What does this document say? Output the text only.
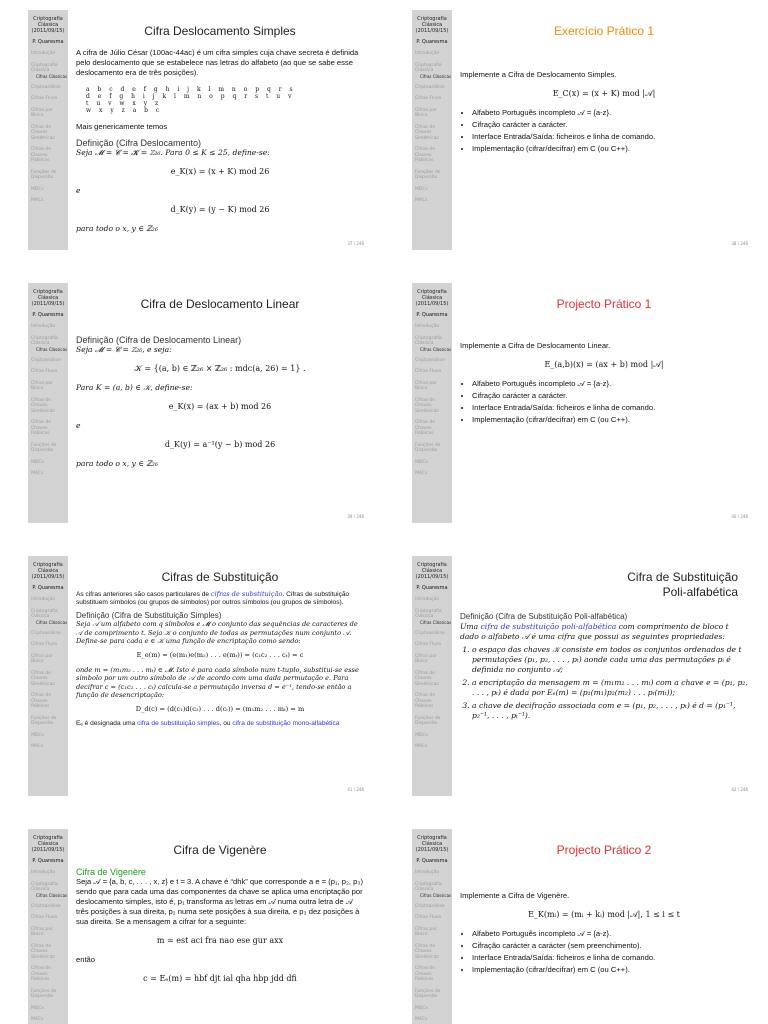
Criptografia
Clássica
(2011/09/15)
P. Quaresma
Introdução
Criptografia Clássica
Cifras Clássicas
Criptoanálise
Cifras Fluxo
Cifras por Bloco
Cifras de Chaves Simétricas
Cifras de Chaves Públicas
Funções de Dispersão
MDCs
MACs
Cifra Deslocamento Simples

A cifra de Júlio César (100ac-44ac) é um cifra simples cuja chave secreta é definida pelo deslocamento que se estabelece nas letras do alfabeto (ao que se sabe esse deslocamento era de três posições).

a b c d e f g h i j k l m n o p q r s
d e f g h i j k l m n o p q r s t u v
t u v w x y z
w x y z a b c

Mais genericamente temos

Definição (Cifra Deslocamento)
Seja 𝓜 = 𝓒 = 𝓚 = ℤ₂₆. Para 0 ≤ K ≤ 25, define-se:
e_K(x) = (x + K) mod 26
e
d_K(y) = (y − K) mod 26
para todo o x, y ∈ ℤ₂₆
37 / 246
Criptografia
Clássica
(2011/09/15)
P. Quaresma
Introdução
Criptografia Clássica
Cifras Clássicas
Criptoanálise
Cifras Fluxo
Cifras por Bloco
Cifras de Chaves Simétricas
Cifras de Chaves Públicas
Funções de Dispersão
MDCs
MACs
Exercício Prático 1

Implemente a Cifra de Deslocamento Simples.

E_C(x) = (x + K) mod |𝒜|
• Alfabeto Português incompleto 𝒜 = {a-z}.
• Cifração carácter a carácter.
• Interface Entrada/Saída: ficheiros e linha de comando.
• Implementação (cifrar/decifrar) em C (ou C++).
38 / 246
Criptografia
Clássica
(2011/09/15)
P. Quaresma
Introdução
Criptografia Clássica
Cifras Clássicas
Criptoanálise
Cifras Fluxo
Cifras por Bloco
Cifras de Chaves Simétricas
Cifras de Chaves Públicas
Funções de Dispersão
MDCs
MACs
Cifra de Deslocamento Linear
Definição (Cifra de Deslocamento Linear)
Seja 𝓜 = 𝓒 = ℤ₂₆, e seja:
𝒦 = {(a, b) ∈ ℤ₂₆ × ℤ₂₆ : mdc(a, 26) = 1} .
Para K = (a, b) ∈ 𝒦, define-se:
e_K(x) = (ax + b) mod 26
e
d_K(y) = a⁻¹(y − b) mod 26
para todo o x, y ∈ ℤ₂₆
39 / 246
Criptografia
Clássica
(2011/09/15)
P. Quaresma
Introdução
Criptografia Clássica
Cifras Clássicas
Criptoanálise
Cifras Fluxo
Cifras por Bloco
Cifras de Chaves Simétricas
Cifras de Chaves Públicas
Funções de Dispersão
MDCs
MACs
Projecto Prático 1

Implemente a Cifra de Deslocamento Linear.

E_(a,b)(x) = (ax + b) mod |𝒜|
• Alfabeto Português incompleto 𝒜 = {a-z}.
• Cifração carácter a carácter.
• Interface Entrada/Saída: ficheiros e linha de comando.
• Implementação (cifrar/decifrar) em C (ou C++).
40 / 246
Criptografia
Clássica
(2011/09/15)
P. Quaresma
Introdução
Criptografia Clássica
Cifras Clássicas
Criptoanálise
Cifras Fluxo
Cifras por Bloco
Cifras de Chaves Simétricas
Cifras de Chaves Públicas
Funções de Dispersão
MDCs
MACs
Cifras de Substituição

As cifras anteriores são casos particulares de cifras de substituição. Cifras de substituição substituem símbolos (ou grupos de símbolos) por outros símbolos (ou grupos de símbolos).

Definição (Cifra de Substituição Simples)
Seja 𝒜 um alfabeto com q símbolos e 𝓜 o conjunto das sequências de caracteres de 𝒜 de comprimento t. Seja 𝒦 o conjunto de todas as permutações num conjunto 𝒜. Define-se para cada e ∈ 𝒦 uma função de encriptação como sendo:
E_e(m) = (e(m₁)e(m₂) . . . e(mₜ)) = (c₁c₂ . . . cₜ) = c
onde m = (m₁m₂ . . . mₜ) ∈ 𝓜. Isto é para cada símbolo num t-tuplo, substitui-se esse símbolo por um outro símbolo de 𝒜 de acordo com uma dada permutação e. Para decifrar c = (c₁c₂ . . . cₜ) calcula-se a permutação inversa d = e⁻¹, tendo-se então a função de desencriptação:
D_d(c) = (d(c₁)d(c₂) . . . d(cₜ)) = (m₁m₂ . . . mₜ) = m
Eₑ é designada uma cifra de substituição simples, ou cifra de substituição mono-alfabética
41 / 246
Criptografia
Clássica
(2011/09/15)
P. Quaresma
Introdução
Criptografia Clássica
Cifras Clássicas
Criptoanálise
Cifras Fluxo
Cifras por Bloco
Cifras de Chaves Simétricas
Cifras de Chaves Públicas
Funções de Dispersão
MDCs
MACs
Cifra de Substituição
Poli-alfabética
Definição (Cifra de Substituição Poli-alfabética)
Uma cifra de substituição poli-alfabética com comprimento de bloco t dado o alfabeto 𝒜 é uma cifra que possui as seguintes propriedades:
1. o espaço das chaves 𝒦 consiste em todos os conjuntos ordenados de t permutações (p₁, p₂, . . . , pₜ) aonde cada uma das permutações pᵢ é definida no conjunto 𝒜;
2. a encriptação da mensagem m = (m₁m₂ . . . mₜ) com a chave e = (p₁, p₂, . . . , pₜ) é dada por Eₑ(m) = (p₁(m₁)p₂(m₂) . . . pₜ(mₜ));
3. a chave de decifração associada com e = (p₁, p₂, . . . , pₜ) é d = (p₁⁻¹, p₂⁻¹, . . . , pₜ⁻¹).
42 / 246
Criptografia
Clássica
(2011/09/15)
P. Quaresma
Introdução
Criptografia Clássica
Cifras Clássicas
Criptoanálise
Cifras Fluxo
Cifras por Bloco
Cifras de Chaves Simétricas
Cifras de Chaves Públicas
Funções de Dispersão
MDCs
MACs
Cifra de Vigenère
Cifra de Vigenère

Seja 𝒜 = {a, b, c, . . . , x, z} e t = 3. A chave é “dhk” que corresponde a e = (p₁, p₂, p₃) sendo que para cada uma das componentes da chave se aplica uma encriptação por deslocamento simples, isto é, p₁ transforma as letras em 𝒜 numa outra letra de 𝒜 três posições à sua direita, p₂ numa sete posições à sua direita, e p₃ dez posições à sua direita. Se a mensagem a cifrar for a seguinte:

m = est aci fra nao ese gur axx
então
c = Eₑ(m) = hbf djt ial qha hbp jdd dfi
Criptografia
Clássica
(2011/09/15)
P. Quaresma
Introdução
Criptografia Clássica
Cifras Clássicas
Criptoanálise
Cifras Fluxo
Cifras por Bloco
Cifras de Chaves Simétricas
Cifras de Chaves Públicas
Funções de Dispersão
MDCs
MACs
Projecto Prático 2

Implemente a Cifra de Vigenère.

E_K(mᵢ) = (mᵢ + kᵢ) mod |𝒜|, 1 ≤ i ≤ t
• Alfabeto Português incompleto 𝒜 = {a-z}.
• Cifração carácter a carácter (sem preenchimento).
• Interface Entrada/Saída: ficheiros e linha de comando.
• Implementação (cifrar/decifrar) em C (ou C++).
